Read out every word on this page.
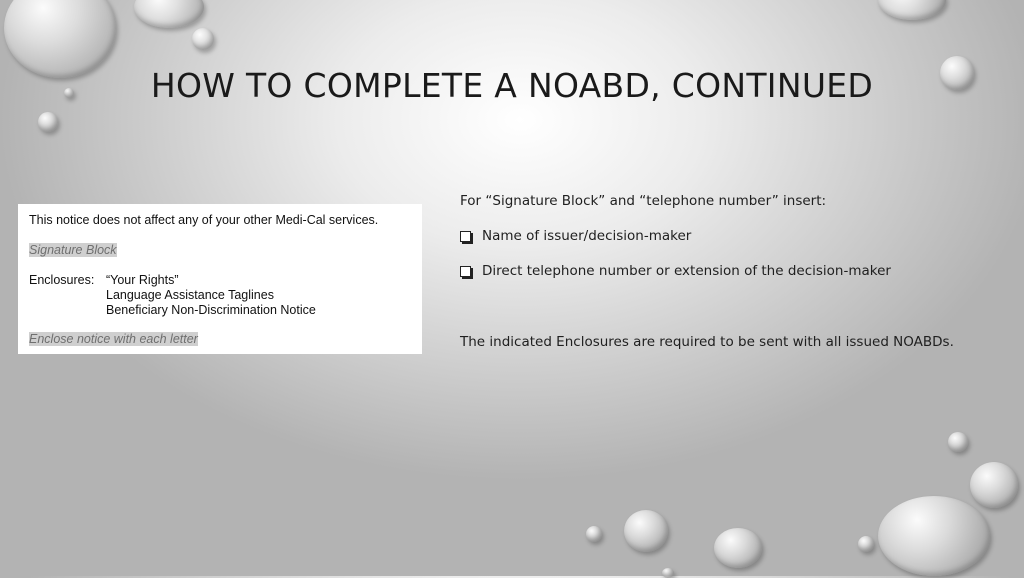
HOW TO COMPLETE A NOABD, CONTINUED
This notice does not affect any of your other Medi-Cal services.
Signature Block
Enclosures: “Your Rights”
Language Assistance Taglines
Beneficiary Non-Discrimination Notice
Enclose notice with each letter
For “Signature Block” and “telephone number” insert:
Name of issuer/decision-maker
Direct telephone number or extension of the decision-maker
The indicated Enclosures are required to be sent with all issued NOABDs.
